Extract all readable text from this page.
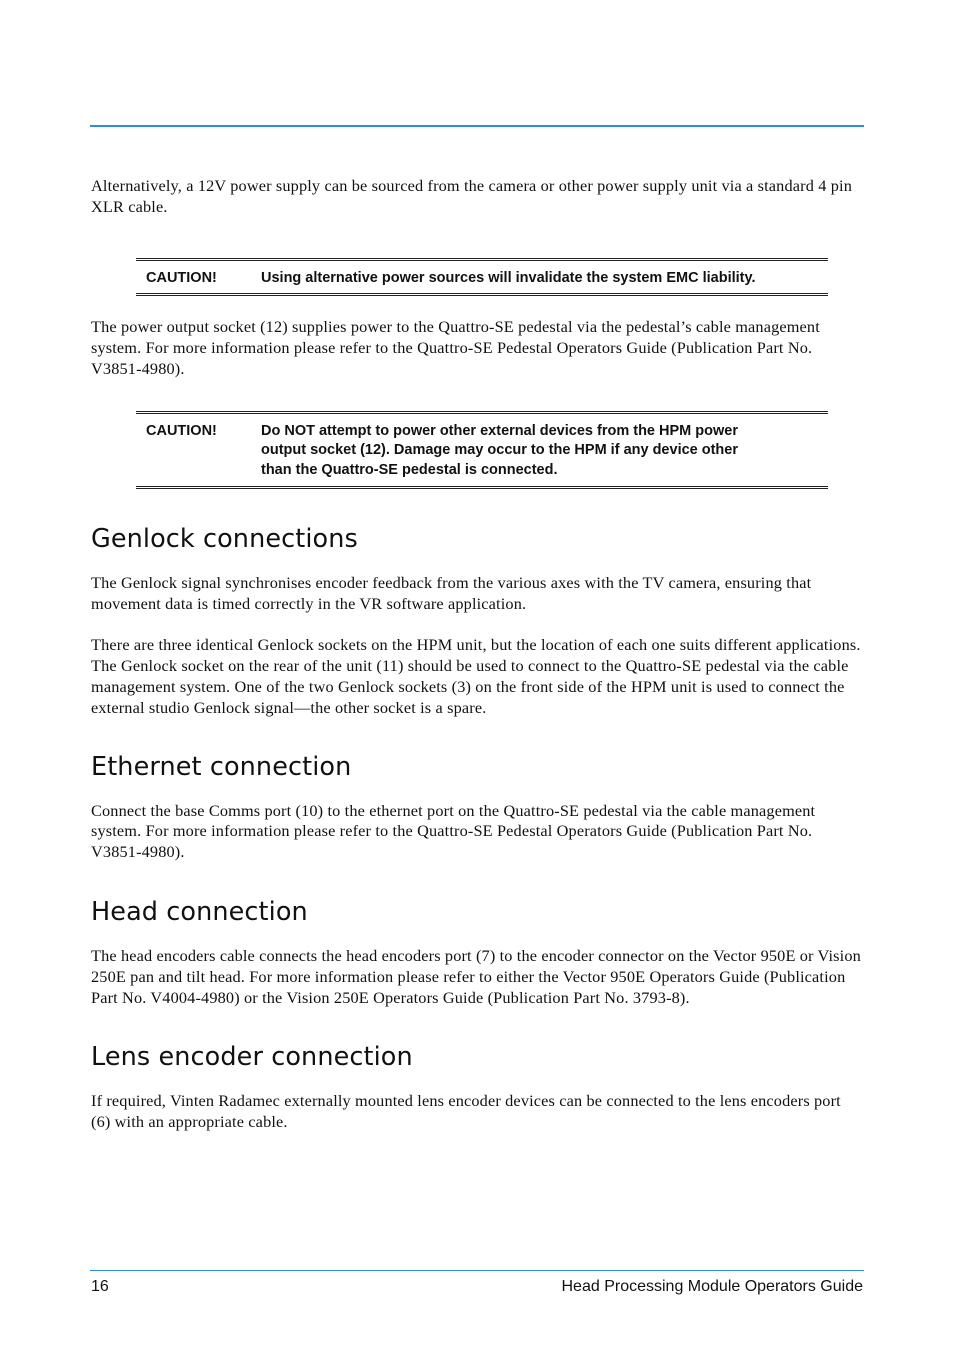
Alternatively, a 12V power supply can be sourced from the camera or other power supply unit via a standard 4 pin XLR cable.

CAUTION!	Using alternative power sources will invalidate the system EMC liability.

The power output socket (12) supplies power to the Quattro-SE pedestal via the pedestal’s cable management system. For more information please refer to the Quattro-SE Pedestal Operators Guide (Publication Part No. V3851-4980).

CAUTION!	Do NOT attempt to power other external devices from the HPM power output socket (12). Damage may occur to the HPM if any device other than the Quattro-SE pedestal is connected.
Genlock connections

The Genlock signal synchronises encoder feedback from the various axes with the TV camera, ensuring that movement data is timed correctly in the VR software application.

There are three identical Genlock sockets on the HPM unit, but the location of each one suits different applications. The Genlock socket on the rear of the unit (11) should be used to connect to the Quattro-SE pedestal via the cable management system. One of the two Genlock sockets (3) on the front side of the HPM unit is used to connect the external studio Genlock signal—the other socket is a spare.

Ethernet connection

Connect the base Comms port (10) to the ethernet port on the Quattro-SE pedestal via the cable management system. For more information please refer to the Quattro-SE Pedestal Operators Guide (Publication Part No. V3851-4980).

Head connection

The head encoders cable connects the head encoders port (7) to the encoder connector on the Vector 950E or Vision 250E pan and tilt head. For more information please refer to either the Vector 950E Operators Guide (Publication Part No. V4004-4980) or the Vision 250E Operators Guide (Publication Part No. 3793-8).

Lens encoder connection

If required, Vinten Radamec externally mounted lens encoder devices can be connected to the lens encoders port (6) with an appropriate cable.

16	Head Processing Module Operators Guide
